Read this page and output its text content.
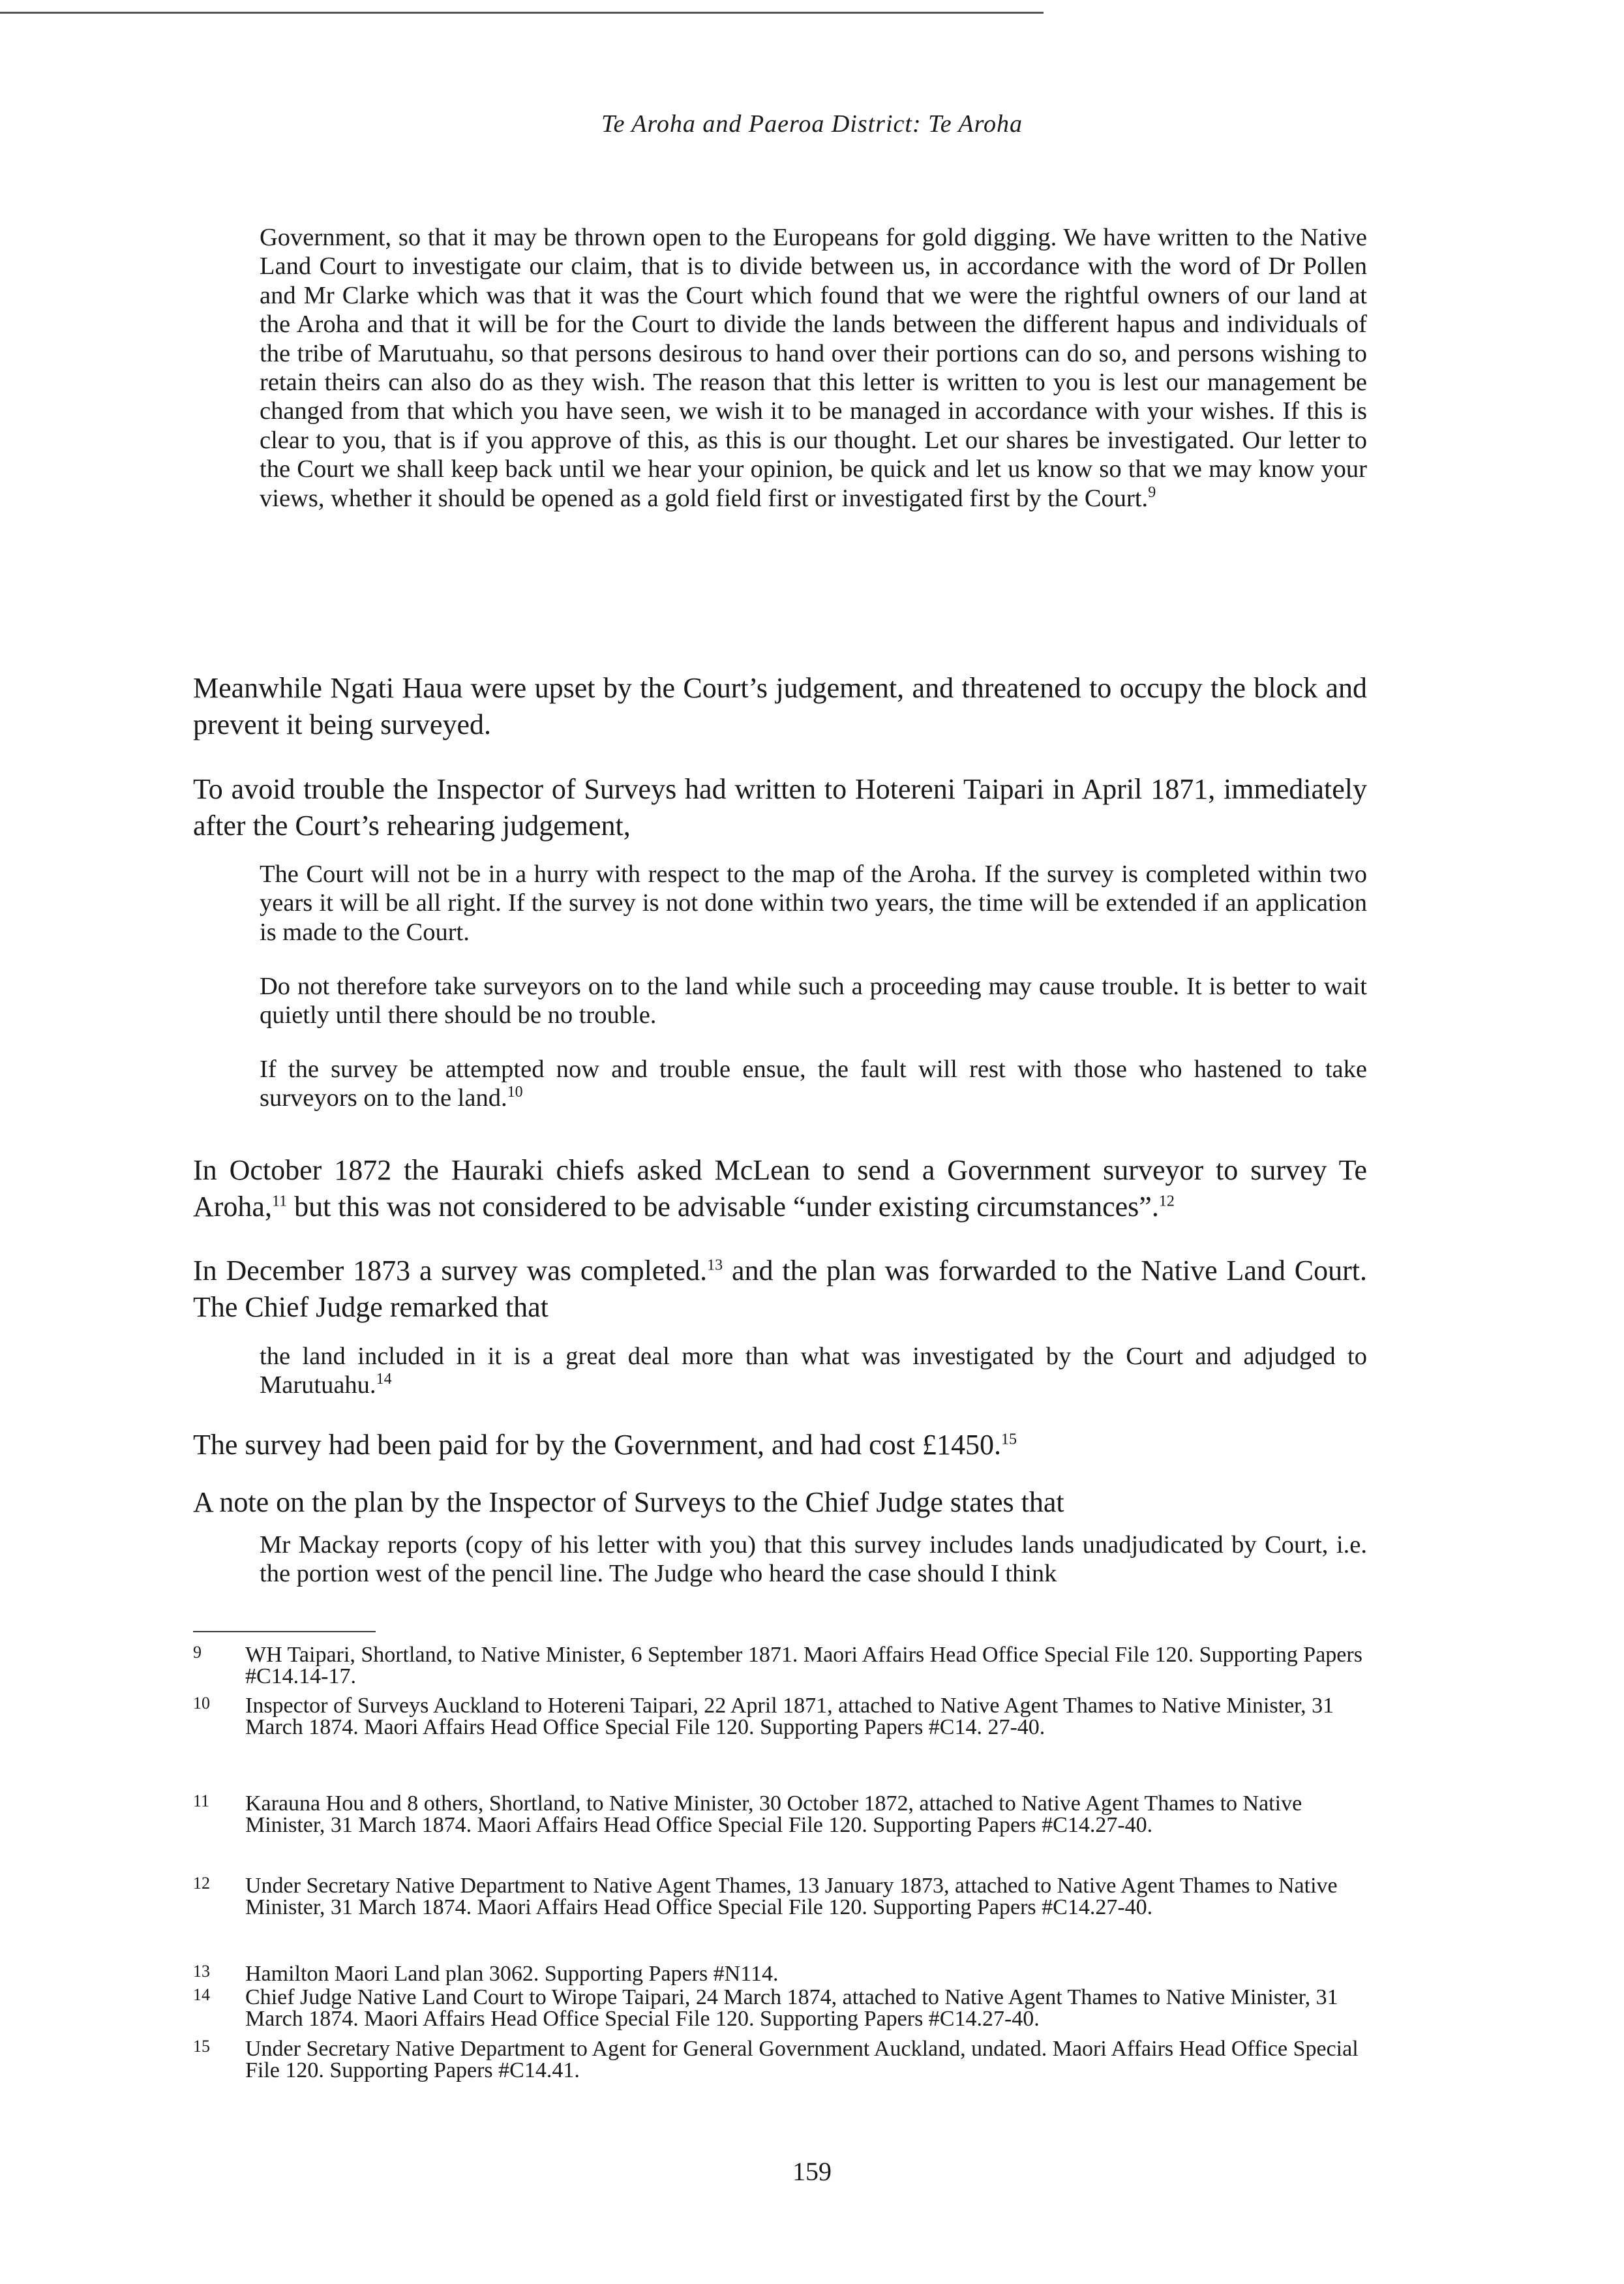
Te Aroha and Paeroa District: Te Aroha

Government, so that it may be thrown open to the Europeans for gold digging. We have written to the Native Land Court to investigate our claim, that is to divide between us, in accordance with the word of Dr Pollen and Mr Clarke which was that it was the Court which found that we were the rightful owners of our land at the Aroha and that it will be for the Court to divide the lands between the different hapus and individuals of the tribe of Marutuahu, so that persons desirous to hand over their portions can do so, and persons wishing to retain theirs can also do as they wish. The reason that this letter is written to you is lest our management be changed from that which you have seen, we wish it to be managed in accordance with your wishes. If this is clear to you, that is if you approve of this, as this is our thought. Let our shares be investigated. Our letter to the Court we shall keep back until we hear your opinion, be quick and let us know so that we may know your views, whether it should be opened as a gold field first or investigated first by the Court.$^9$

Meanwhile Ngati Haua were upset by the Court’s judgement, and threatened to occupy the block and prevent it being surveyed.

To avoid trouble the Inspector of Surveys had written to Hotereni Taipari in April 1871, immediately after the Court’s rehearing judgement,

The Court will not be in a hurry with respect to the map of the Aroha. If the survey is completed within two years it will be all right. If the survey is not done within two years, the time will be extended if an application is made to the Court.

Do not therefore take surveyors on to the land while such a proceeding may cause trouble. It is better to wait quietly until there should be no trouble.

If the survey be attempted now and trouble ensue, the fault will rest with those who hastened to take surveyors on to the land.$^{10}$

In October 1872 the Hauraki chiefs asked McLean to send a Government surveyor to survey Te Aroha,$^{11}$ but this was not considered to be advisable “under existing circumstances”.$^{12}$

In December 1873 a survey was completed.$^{13}$ and the plan was forwarded to the Native Land Court. The Chief Judge remarked that

the land included in it is a great deal more than what was investigated by the Court and adjudged to Marutuahu.$^{14}$

The survey had been paid for by the Government, and had cost £1450.15

A note on the plan by the Inspector of Surveys to the Chief Judge states that

Mr Mackay reports (copy of his letter with you) that this survey includes lands unadjudicated by Court, i.e. the portion west of the pencil line. The Judge who heard the case should I think

9 WH Taipari, Shortland, to Native Minister, 6 September 1871. Maori Affairs Head Office Special File 120. Supporting Papers #C14.14-17.

10 Inspector of Surveys Auckland to Hotereni Taipari, 22 April 1871, attached to Native Agent Thames to Native Minister, 31 March 1874. Maori Affairs Head Office Special File 120. Supporting Papers #C14. 27-40.

11 Karauna Hou and 8 others, Shortland, to Native Minister, 30 October 1872, attached to Native Agent Thames to Native Minister, 31 March 1874. Maori Affairs Head Office Special File 120. Supporting Papers #C14.27-40.

12 Under Secretary Native Department to Native Agent Thames, 13 January 1873, attached to Native Agent Thames to Native Minister, 31 March 1874. Maori Affairs Head Office Special File 120. Supporting Papers #C14.27-40.

13 Hamilton Maori Land plan 3062. Supporting Papers #N114.

14 Chief Judge Native Land Court to Wirope Taipari, 24 March 1874, attached to Native Agent Thames to Native Minister, 31 March 1874. Maori Affairs Head Office Special File 120. Supporting Papers #C14.27-40.

15 Under Secretary Native Department to Agent for General Government Auckland, undated. Maori Affairs Head Office Special File 120. Supporting Papers #C14.41.

159
